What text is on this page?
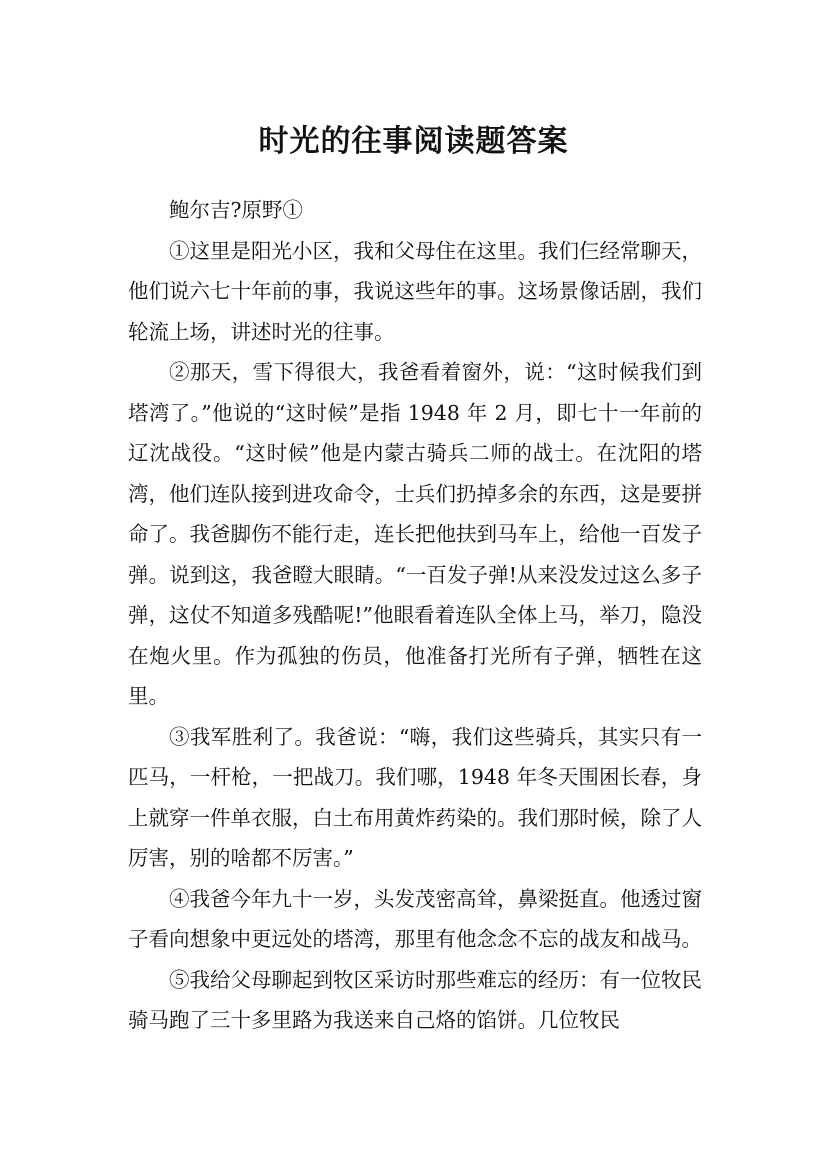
时光的往事阅读题答案

鲍尔吉?原野①

①这里是阳光小区，我和父母住在这里。我们仨经常聊天，他们说六七十年前的事，我说这些年的事。这场景像话剧，我们轮流上场，讲述时光的往事。

②那天，雪下得很大，我爸看着窗外，说：“这时候我们到塔湾了。”他说的“这时候”是指 1948 年 2 月，即七十一年前的辽沈战役。“这时候”他是内蒙古骑兵二师的战士。在沈阳的塔湾，他们连队接到进攻命令，士兵们扔掉多余的东西，这是要拼命了。我爸脚伤不能行走，连长把他扶到马车上，给他一百发子弹。说到这，我爸瞪大眼睛。“一百发子弹!从来没发过这么多子弹，这仗不知道多残酷呢!”他眼看着连队全体上马，举刀，隐没在炮火里。作为孤独的伤员，他准备打光所有子弹，牺牲在这里。

③我军胜利了。我爸说：“嗨，我们这些骑兵，其实只有一匹马，一杆枪，一把战刀。我们哪，1948 年冬天围困长春，身上就穿一件单衣服，白土布用黄炸药染的。我们那时候，除了人厉害，别的啥都不厉害。”

④我爸今年九十一岁，头发茂密高耸，鼻梁挺直。他透过窗子看向想象中更远处的塔湾，那里有他念念不忘的战友和战马。

⑤我给父母聊起到牧区采访时那些难忘的经历：有一位牧民骑马跑了三十多里路为我送来自己烙的馅饼。几位牧民
